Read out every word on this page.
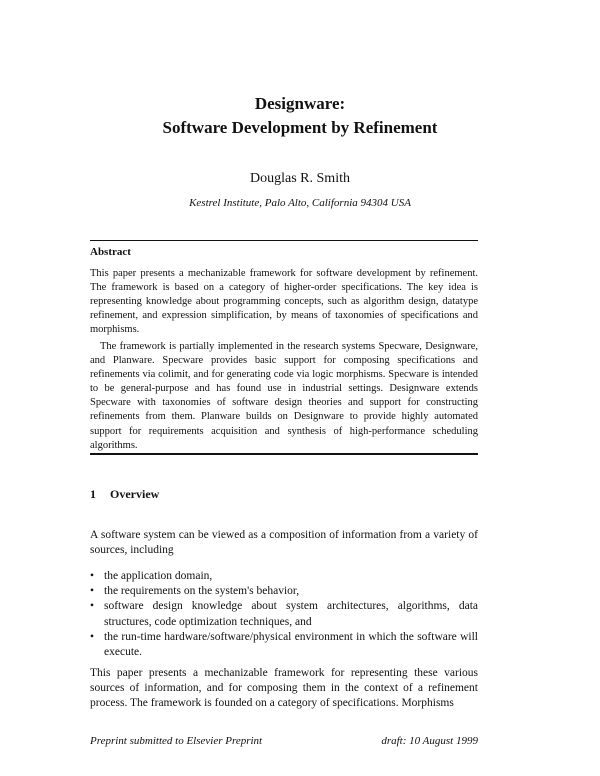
Designware:

Software Development by Refinement

Douglas R. Smith
Kestrel Institute, Palo Alto, California 94304 USA
Abstract

This paper presents a mechanizable framework for software development by refinement. The framework is based on a category of higher-order specifications. The key idea is representing knowledge about programming concepts, such as algorithm design, datatype refinement, and expression simplification, by means of taxonomies of specifications and morphisms.

The framework is partially implemented in the research systems Specware, Designware, and Planware. Specware provides basic support for composing specifications and refinements via colimit, and for generating code via logic morphisms. Specware is intended to be general-purpose and has found use in industrial settings. Designware extends Specware with taxonomies of software design theories and support for constructing refinements from them. Planware builds on Designware to provide highly automated support for requirements acquisition and synthesis of high-performance scheduling algorithms.

1 Overview

A software system can be viewed as a composition of information from a variety of sources, including

• the application domain,
• the requirements on the system's behavior,
• software design knowledge about system architectures, algorithms, data structures, code optimization techniques, and
• the run-time hardware/software/physical environment in which the software will execute.

This paper presents a mechanizable framework for representing these various sources of information, and for composing them in the context of a refinement process. The framework is founded on a category of specifications. Morphisms

Preprint submitted to Elsevier Preprint	draft: 10 August 1999
